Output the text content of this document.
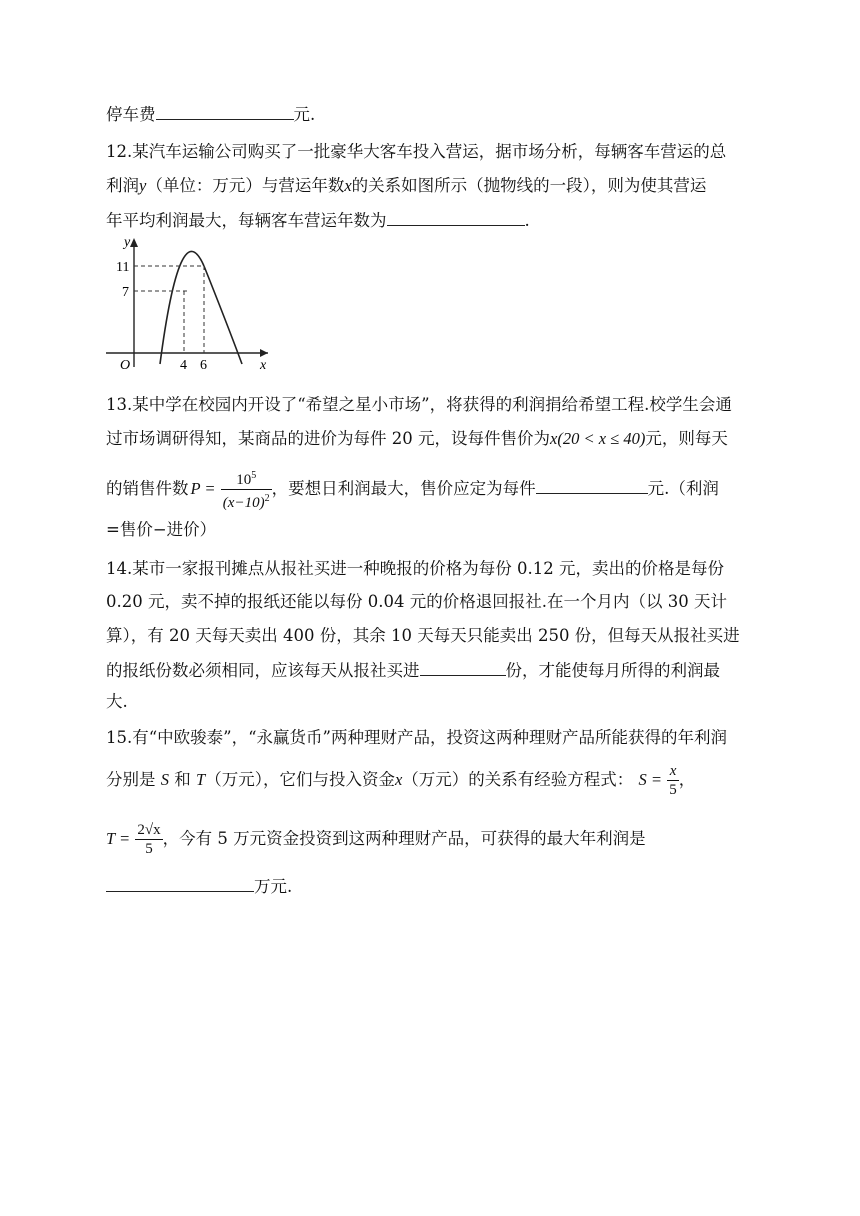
停车费	元.
12.某汽车运输公司购买了一批豪华大客车投入营运，据市场分析，每辆客车营运的总
利润y（单位：万元）与营运年数x的关系如图所示（抛物线的一段），则为使其营运
年平均利润最大，每辆客车营运年数为	.
y
x
O
11
7
4 6
13.某中学在校园内开设了“希望之星小市场”，将获得的利润捐给希望工程.校学生会通
过市场调研得知，某商品的进价为每件 20 元，设每件售价为x(20 < x ≤ 40)元，则每天
的销售件数 $P = \frac{10^5}{(x-10)^2}$ ，要想日利润最大，售价应定为每件	元.（利润
=售价−进价）
14.某市一家报刊摊点从报社买进一种晚报的价格为每份 0.12 元，卖出的价格是每份
0.20 元，卖不掉的报纸还能以每份 0.04 元的价格退回报社.在一个月内（以 30 天计
算），有 20 天每天卖出 400 份，其余 10 天每天只能卖出 250 份，但每天从报社买进
的报纸份数必须相同，应该每天从报社买进	份，才能使每月所得的利润最
大.
15.有“中欧骏泰”，“永赢货币”两种理财产品，投资这两种理财产品所能获得的年利润
分别是 S 和 T（万元），它们与投入资金x（万元）的关系有经验方程式： $S = \frac{x}{5}$ ，
$T = \frac{2√x}{5}$ ，今有 5 万元资金投资到这两种理财产品，可获得的最大年利润是
万元.
